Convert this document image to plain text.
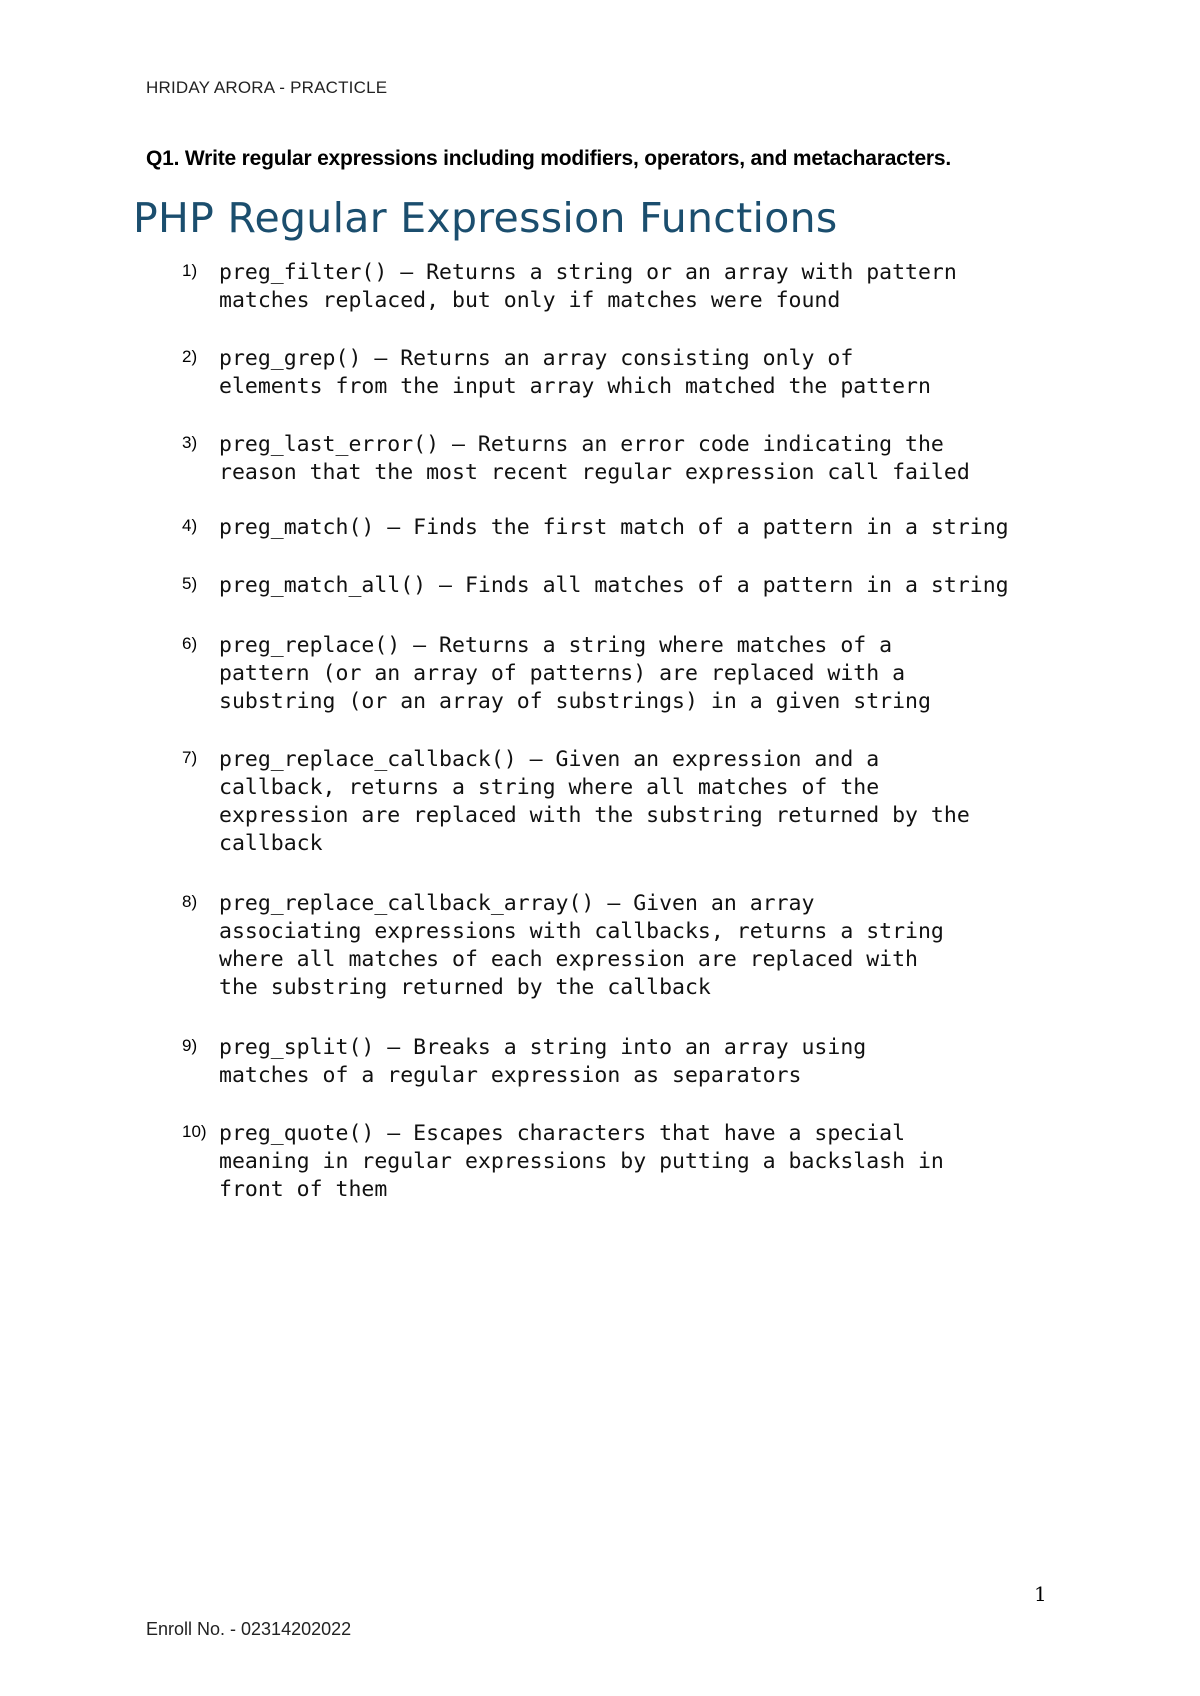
HRIDAY ARORA - PRACTICLE
Q1. Write regular expressions including modifiers, operators, and metacharacters.
PHP Regular Expression Functions
1) preg_filter() — Returns a string or an array with pattern
matches replaced, but only if matches were found
2) preg_grep() — Returns an array consisting only of
elements from the input array which matched the pattern
3) preg_last_error() — Returns an error code indicating the
reason that the most recent regular expression call failed
4) preg_match() — Finds the first match of a pattern in a string
5) preg_match_all() — Finds all matches of a pattern in a string
6) preg_replace() — Returns a string where matches of a
pattern (or an array of patterns) are replaced with a
substring (or an array of substrings) in a given string
7) preg_replace_callback() — Given an expression and a
callback, returns a string where all matches of the
expression are replaced with the substring returned by the
callback
8) preg_replace_callback_array() — Given an array
associating expressions with callbacks, returns a string
where all matches of each expression are replaced with
the substring returned by the callback
9) preg_split() — Breaks a string into an array using
matches of a regular expression as separators
10) preg_quote() — Escapes characters that have a special
meaning in regular expressions by putting a backslash in
front of them
1
Enroll No. - 02314202022
